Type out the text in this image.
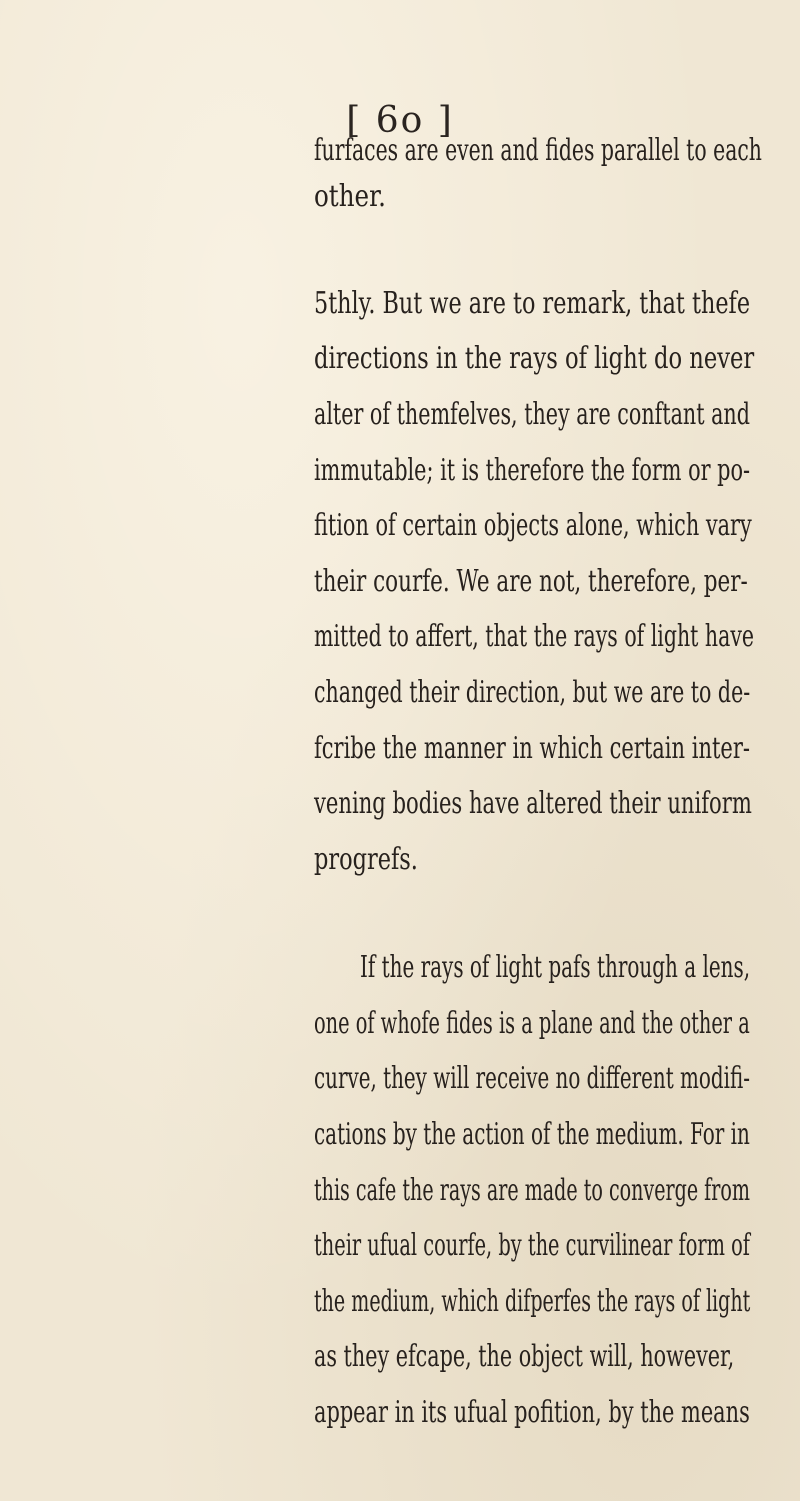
[ 6o ]
furfaces are even and fides parallel to each
other.
5thly. But we are to remark, that thefe
directions in the rays of light do never
alter of themfelves, they are conftant and
immutable; it is therefore the form or po-
fition of certain objects alone, which vary
their courfe. We are not, therefore, per-
mitted to affert, that the rays of light have
changed their direction, but we are to de-
fcribe the manner in which certain inter-
vening bodies have altered their uniform
progrefs.
If the rays of light pafs through a lens,
one of whofe fides is a plane and the other a
curve, they will receive no different modifi-
cations by the action of the medium. For in
this cafe the rays are made to converge from
their ufual courfe, by the curvilinear form of
the medium, which difperfes the rays of light
as they efcape, the object will, however,
appear in its ufual pofition, by the means
